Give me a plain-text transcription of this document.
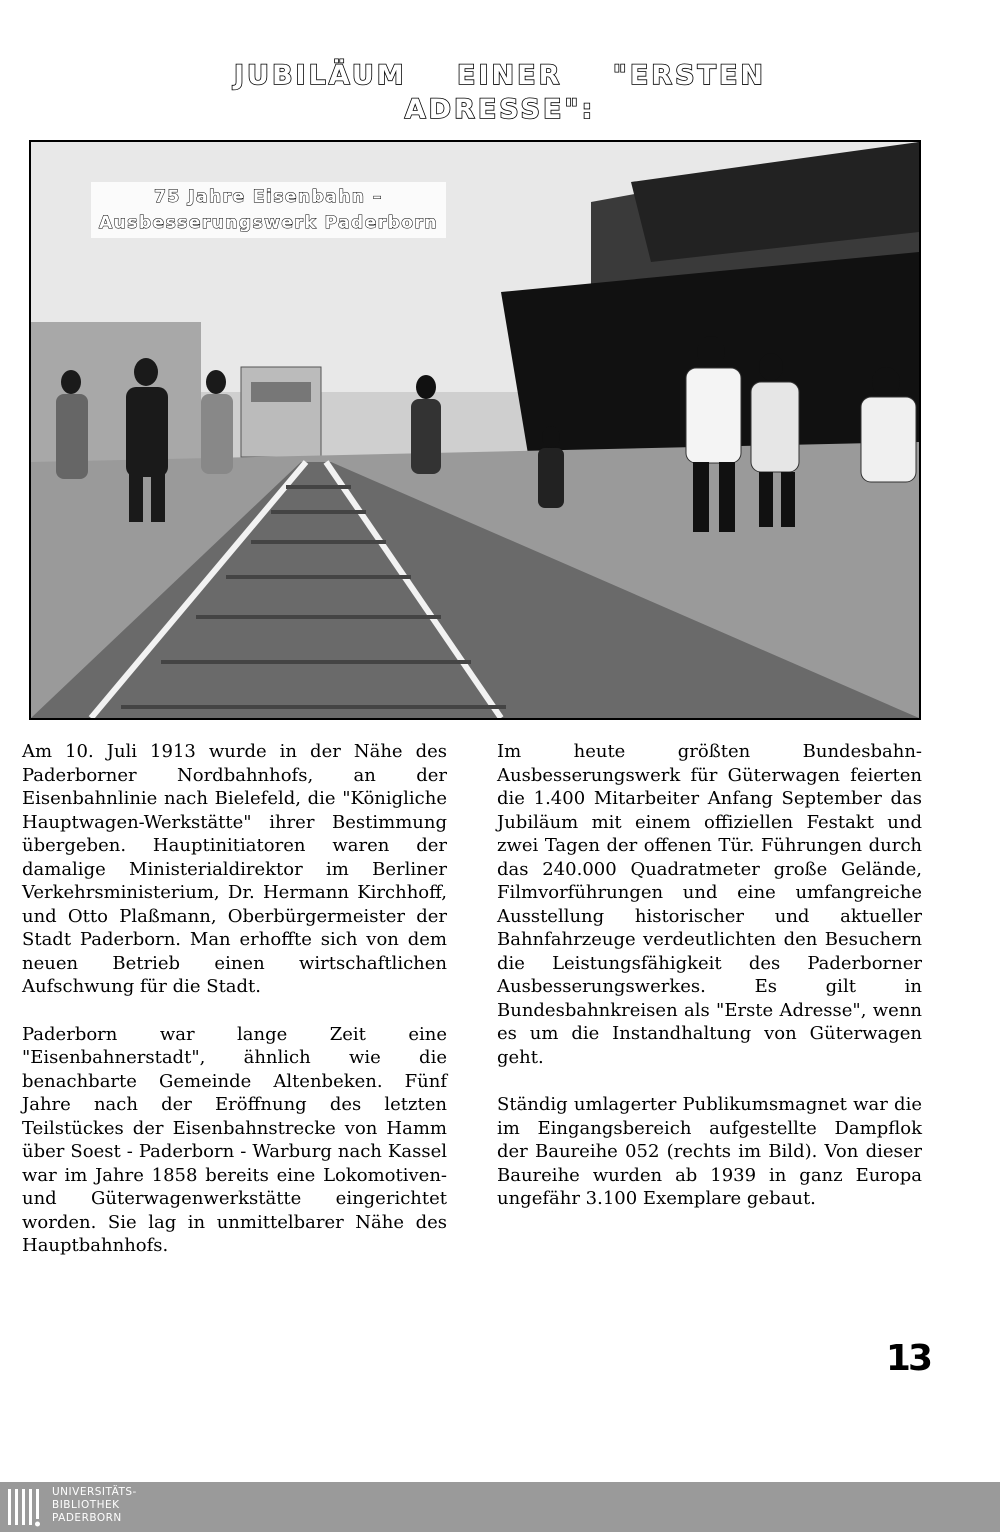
JUBILÄUM EINER "ERSTEN
ADRESSE":
75 Jahre Eisenbahn –
Ausbesserungswerk Paderborn

Am 10. Juli 1913 wurde in der Nähe des Paderborner Nordbahnhofs, an der Eisenbahnlinie nach Bielefeld, die "Königliche Hauptwagen-Werkstätte" ihrer Bestimmung übergeben. Hauptinitiatoren waren der damalige Ministerialdirektor im Berliner Verkehrsministerium, Dr. Hermann Kirchhoff, und Otto Plaßmann, Oberbürgermeister der Stadt Paderborn. Man erhoffte sich von dem neuen Betrieb einen wirtschaftlichen Aufschwung für die Stadt.

Paderborn war lange Zeit eine "Eisenbahnerstadt", ähnlich wie die benachbarte Gemeinde Altenbeken. Fünf Jahre nach der Eröffnung des letzten Teilstückes der Eisenbahnstrecke von Hamm über Soest - Paderborn - Warburg nach Kassel war im Jahre 1858 bereits eine Lokomotiven- und Güterwagenwerkstätte eingerichtet worden. Sie lag in unmittelbarer Nähe des Hauptbahnhofs.

Im heute größten Bundesbahn-Ausbesserungswerk für Güterwagen feierten die 1.400 Mitarbeiter Anfang September das Jubiläum mit einem offiziellen Festakt und zwei Tagen der offenen Tür. Führungen durch das 240.000 Quadratmeter große Gelände, Filmvorführungen und eine umfangreiche Ausstellung historischer und aktueller Bahnfahrzeuge verdeutlichten den Besuchern die Leistungsfähigkeit des Paderborner Ausbesserungswerkes. Es gilt in Bundesbahnkreisen als "Erste Adresse", wenn es um die Instandhaltung von Güterwagen geht.

Ständig umlagerter Publikumsmagnet war die im Eingangsbereich aufgestellte Dampflok der Baureihe 052 (rechts im Bild). Von dieser Baureihe wurden ab 1939 in ganz Europa ungefähr 3.100 Exemplare gebaut.

13
UNIVERSITÄTS-
BIBLIOTHEK
PADERBORN
